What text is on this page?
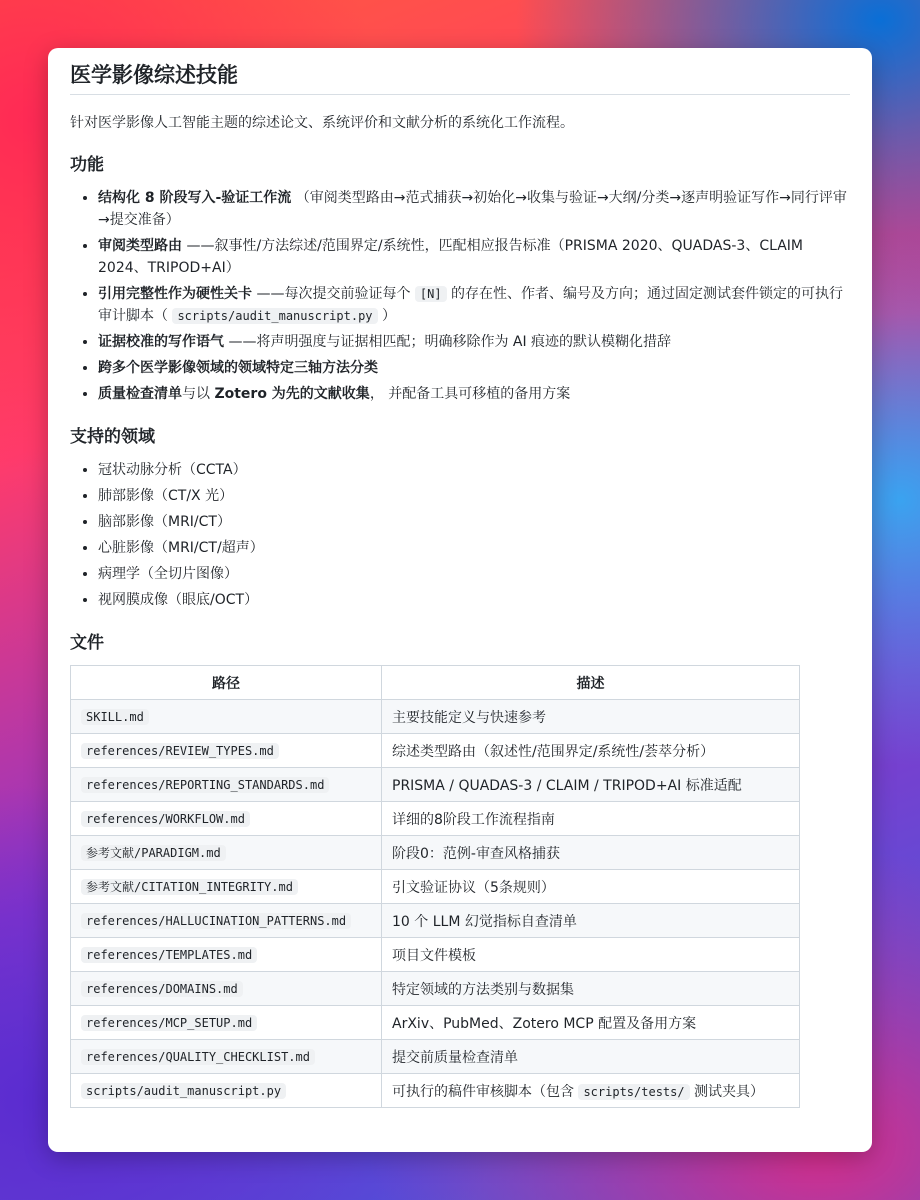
医学影像综述技能

针对医学影像人工智能主题的综述论文、系统评价和文献分析的系统化工作流程。

功能
• 结构化 8 阶段写入-验证工作流 （审阅类型路由→范式捕获→初始化→收集与验证→大纲/分类→逐声明验证写作→同行评审→提交准备）
• 审阅类型路由 ——叙事性/方法综述/范围界定/系统性，匹配相应报告标准（PRISMA 2020、QUADAS-3、CLAIM 2024、TRIPOD+AI）
• 引用完整性作为硬性关卡 ——每次提交前验证每个 [N] 的存在性、作者、编号及方向；通过固定测试套件锁定的可执行审计脚本（ scripts/audit_manuscript.py ）
• 证据校准的写作语气 ——将声明强度与证据相匹配；明确移除作为 AI 痕迹的默认模糊化措辞
• 跨多个医学影像领域的领域特定三轴方法分类
• 质量检查清单与以 Zotero 为先的文献收集， 并配备工具可移植的备用方案
支持的领域
• 冠状动脉分析（CCTA）
• 肺部影像（CT/X 光）
• 脑部影像（MRI/CT）
• 心脏影像（MRI/CT/超声）
• 病理学（全切片图像）
• 视网膜成像（眼底/OCT）
文件
路径	描述
SKILL.md	主要技能定义与快速参考
references/REVIEW_TYPES.md	综述类型路由（叙述性/范围界定/系统性/荟萃分析）
references/REPORTING_STANDARDS.md	PRISMA / QUADAS-3 / CLAIM / TRIPOD+AI 标准适配
references/WORKFLOW.md	详细的8阶段工作流程指南
参考文献/PARADIGM.md	阶段0：范例-审查风格捕获
参考文献/CITATION_INTEGRITY.md	引文验证协议（5条规则）
references/HALLUCINATION_PATTERNS.md	10 个 LLM 幻觉指标自查清单
references/TEMPLATES.md	项目文件模板
references/DOMAINS.md	特定领域的方法类别与数据集
references/MCP_SETUP.md	ArXiv、PubMed、Zotero MCP 配置及备用方案
references/QUALITY_CHECKLIST.md	提交前质量检查清单
scripts/audit_manuscript.py	可执行的稿件审核脚本（包含 scripts/tests/ 测试夹具）
